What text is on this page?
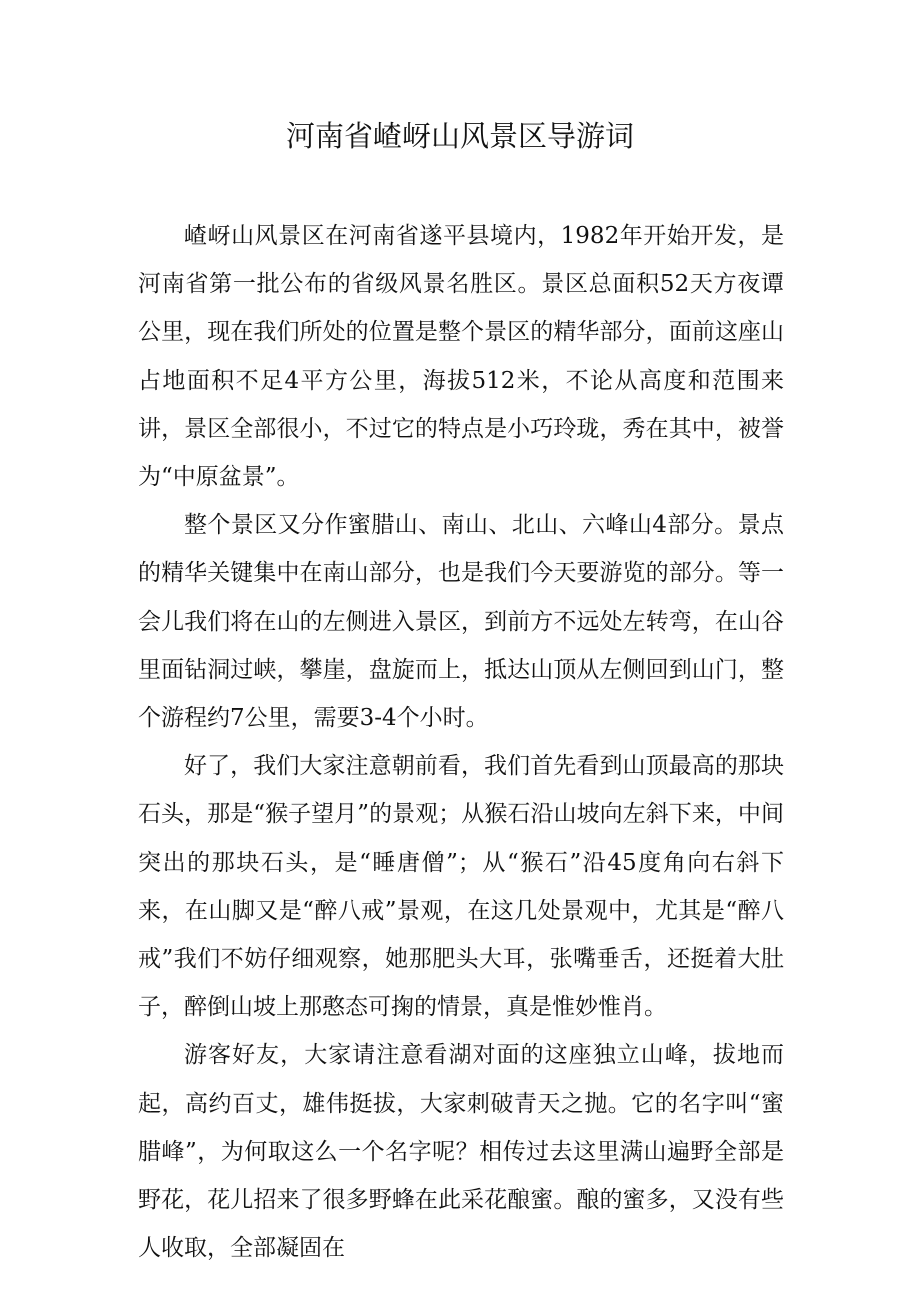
河南省嵖岈山风景区导游词

嵖岈山风景区在河南省遂平县境内，1982年开始开发，是河南省第一批公布的省级风景名胜区。景区总面积52天方夜谭公里，现在我们所处的位置是整个景区的精华部分，面前这座山占地面积不足4平方公里，海拔512米，不论从高度和范围来讲，景区全部很小，不过它的特点是小巧玲珑，秀在其中，被誉为“中原盆景”。

整个景区又分作蜜腊山、南山、北山、六峰山4部分。景点的精华关键集中在南山部分，也是我们今天要游览的部分。等一会儿我们将在山的左侧进入景区，到前方不远处左转弯，在山谷里面钻洞过峡，攀崖，盘旋而上，抵达山顶从左侧回到山门，整个游程约7公里，需要3-4个小时。

好了，我们大家注意朝前看，我们首先看到山顶最高的那块石头，那是“猴子望月”的景观；从猴石沿山坡向左斜下来，中间突出的那块石头，是“睡唐僧”；从“猴石”沿45度角向右斜下来，在山脚又是“醉八戒”景观，在这几处景观中，尤其是“醉八戒”我们不妨仔细观察，她那肥头大耳，张嘴垂舌，还挺着大肚子，醉倒山坡上那憨态可掬的情景，真是惟妙惟肖。

游客好友，大家请注意看湖对面的这座独立山峰，拔地而起，高约百丈，雄伟挺拔，大家刺破青天之抛。它的名字叫“蜜腊峰”，为何取这么一个名字呢？相传过去这里满山遍野全部是野花，花儿招来了很多野蜂在此采花酿蜜。酿的蜜多，又没有些人收取，全部凝固在
